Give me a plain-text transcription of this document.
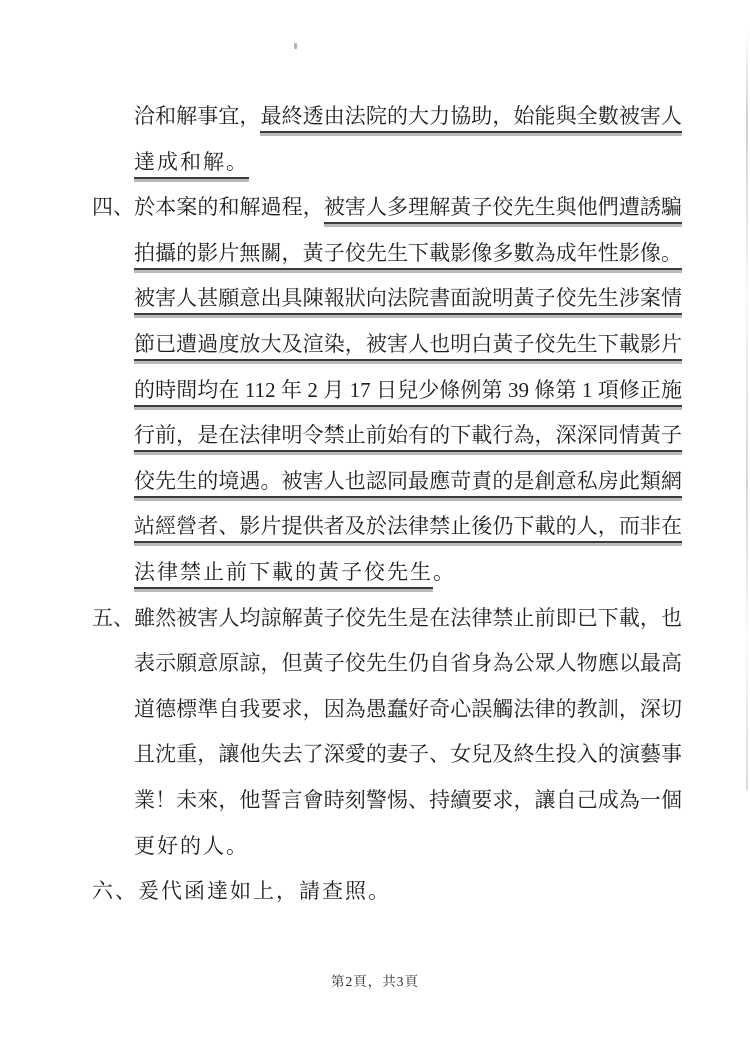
洽和解事宜，最終透由法院的大力協助，始能與全數被害人
達成和解。
四、於本案的和解過程，被害人多理解黃子佼先生與他們遭誘騙
拍攝的影片無關，黃子佼先生下載影像多數為成年性影像。
被害人甚願意出具陳報狀向法院書面說明黃子佼先生涉案情
節已遭過度放大及渲染，被害人也明白黃子佼先生下載影片
的時間均在 112 年 2 月 17 日兒少條例第 39 條第 1 項修正施
行前，是在法律明令禁止前始有的下載行為，深深同情黃子
佼先生的境遇。被害人也認同最應苛責的是創意私房此類網
站經營者、影片提供者及於法律禁止後仍下載的人，而非在
法律禁止前下載的黃子佼先生。
五、雖然被害人均諒解黃子佼先生是在法律禁止前即已下載，也
表示願意原諒，但黃子佼先生仍自省身為公眾人物應以最高
道德標準自我要求，因為愚蠢好奇心誤觸法律的教訓，深切
且沈重，讓他失去了深愛的妻子、女兒及終生投入的演藝事
業！未來，他誓言會時刻警惕、持續要求，讓自己成為一個
更好的人。
六、爰代函達如上，請查照。
第2頁，共3頁
